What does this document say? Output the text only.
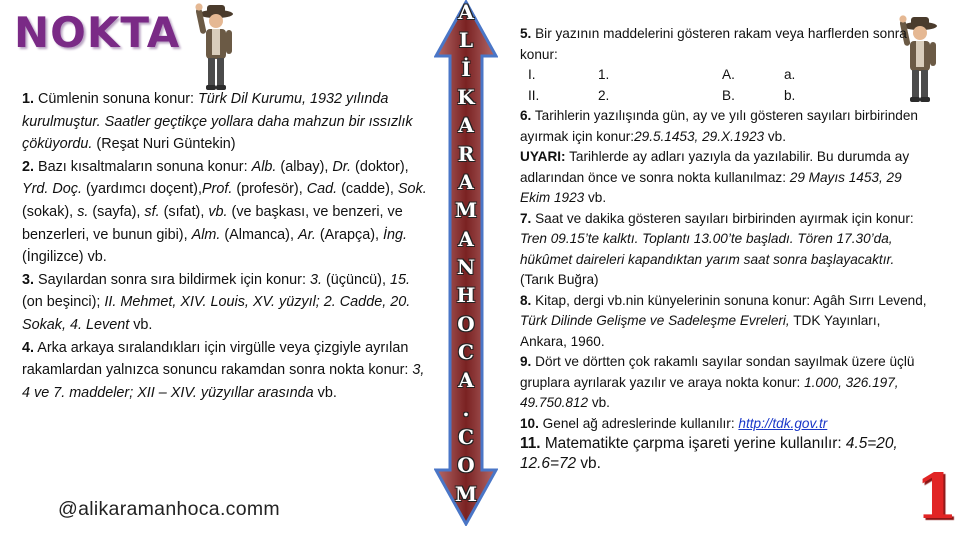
NOKTA	A
L
İ
K
A
R
A
M
A
N
H
O
C
A
.
C
O
M

1. Cümlenin sonuna konur: Türk Dil Kurumu, 1932 yılında kurulmuştur. Saatler geçtikçe yollara daha mahzun bir ıssızlık çöküyordu. (Reşat Nuri Güntekin)

2. Bazı kısaltmaların sonuna konur: Alb. (albay), Dr. (doktor), Yrd. Doç. (yardımcı doçent),Prof. (profesör), Cad. (cadde), Sok. (sokak), s. (sayfa), sf. (sıfat), vb. (ve başkası, ve benzeri, ve benzerleri, ve bunun gibi), Alm. (Almanca), Ar. (Arapça), İng. (İngilizce) vb.

3. Sayılardan sonra sıra bildirmek için konur: 3. (üçüncü), 15. (on beşinci); II. Mehmet, XIV. Louis, XV. yüzyıl; 2. Cadde, 20. Sokak, 4. Levent vb.

4. Arka arkaya sıralandıkları için virgülle veya çizgiyle ayrılan rakamlardan yalnızca sonuncu rakamdan sonra nokta konur: 3, 4 ve 7. maddeler; XII – XIV. yüzyıllar arasında vb.

5. Bir yazının maddelerini gösteren rakam veya harflerden sonra konur:

I.	1.	A.	a.
II.	2.	B.	b.

6. Tarihlerin yazılışında gün, ay ve yılı gösteren sayıları birbirinden ayırmak için konur:29.5.1453, 29.X.1923 vb.

UYARI: Tarihlerde ay adları yazıyla da yazılabilir. Bu durumda ay adlarından önce ve sonra nokta kullanılmaz: 29 Mayıs 1453, 29 Ekim 1923 vb.

7. Saat ve dakika gösteren sayıları birbirinden ayırmak için konur: Tren 09.15’te kalktı. Toplantı 13.00’te başladı. Tören 17.30’da, hükûmet daireleri kapandıktan yarım saat sonra başlayacaktır. (Tarık Buğra)

8. Kitap, dergi vb.nin künyelerinin sonuna konur: Agâh Sırrı Levend, Türk Dilinde Gelişme ve Sadeleşme Evreleri, TDK Yayınları, Ankara, 1960.

9. Dört ve dörtten çok rakamlı sayılar sondan sayılmak üzere üçlü gruplara ayrılarak yazılır ve araya nokta konur: 1.000, 326.197, 49.750.812 vb.

10. Genel ağ adreslerinde kullanılır: http://tdk.gov.tr

11. Matematikte çarpma işareti yerine kullanılır: 4.5=20, 12.6=72 vb.

@alikaramanhoca.comm	1
